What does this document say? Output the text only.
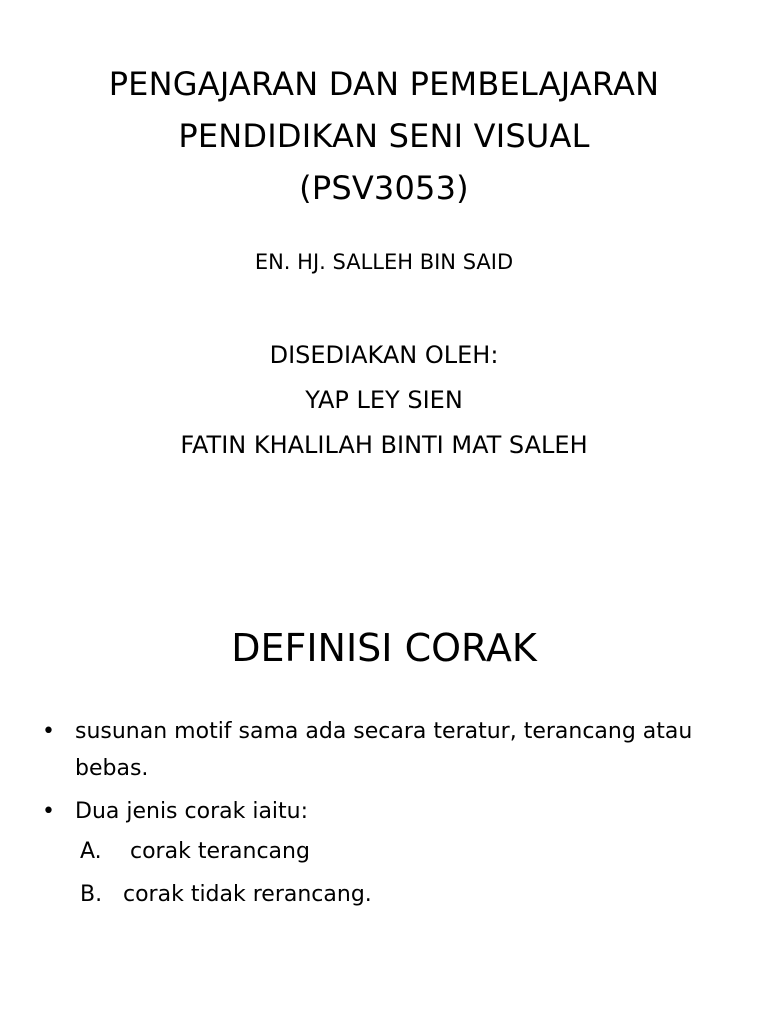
PENGAJARAN DAN PEMBELAJARAN
PENDIDIKAN SENI VISUAL
(PSV3053)
EN. HJ. SALLEH BIN SAID
DISEDIAKAN OLEH:
YAP LEY SIEN
FATIN KHALILAH BINTI MAT SALEH
DEFINISI CORAK
• susunan motif sama ada secara teratur, terancang atau bebas.
• Dua jenis corak iaitu:
A.	corak terancang
B. corak tidak rerancang.
